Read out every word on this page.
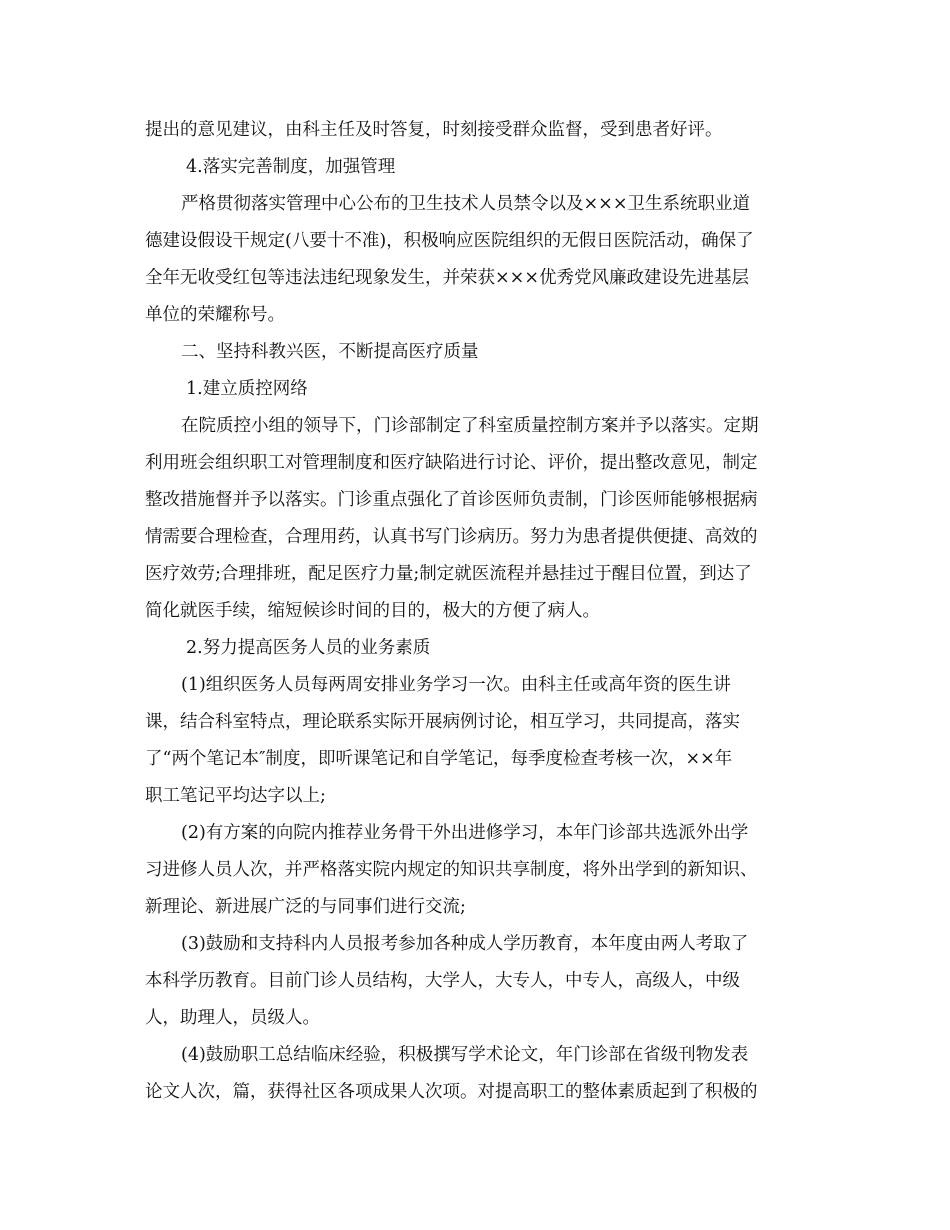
提出的意见建议，由科主任及时答复，时刻接受群众监督，受到患者好评。

4.落实完善制度，加强管理

严格贯彻落实管理中心公布的卫生技术人员禁令以及×××卫生系统职业道

德建设假设干规定(八要十不准)，积极响应医院组织的无假日医院活动，确保了

全年无收受红包等违法违纪现象发生，并荣获×××优秀党风廉政建设先进基层

单位的荣耀称号。

二、坚持科教兴医，不断提高医疗质量

1.建立质控网络

在院质控小组的领导下，门诊部制定了科室质量控制方案并予以落实。定期

利用班会组织职工对管理制度和医疗缺陷进行讨论、评价，提出整改意见，制定

整改措施督并予以落实。门诊重点强化了首诊医师负责制，门诊医师能够根据病

情需要合理检查，合理用药，认真书写门诊病历。努力为患者提供便捷、高效的

医疗效劳;合理排班，配足医疗力量;制定就医流程并悬挂过于醒目位置，到达了

简化就医手续，缩短候诊时间的目的，极大的方便了病人。

2.努力提高医务人员的业务素质

(1)组织医务人员每两周安排业务学习一次。由科主任或高年资的医生讲

课，结合科室特点，理论联系实际开展病例讨论，相互学习，共同提高，落实

了“两个笔记本″制度，即听课笔记和自学笔记，每季度检查考核一次，××年

职工笔记平均达字以上;

(2)有方案的向院内推荐业务骨干外出进修学习，本年门诊部共选派外出学

习进修人员人次，并严格落实院内规定的知识共享制度，将外出学到的新知识、

新理论、新进展广泛的与同事们进行交流;

(3)鼓励和支持科内人员报考参加各种成人学历教育，本年度由两人考取了

本科学历教育。目前门诊人员结构，大学人，大专人，中专人，高级人，中级

人，助理人，员级人。

(4)鼓励职工总结临床经验，积极撰写学术论文，年门诊部在省级刊物发表

论文人次，篇，获得社区各项成果人次项。对提高职工的整体素质起到了积极的
